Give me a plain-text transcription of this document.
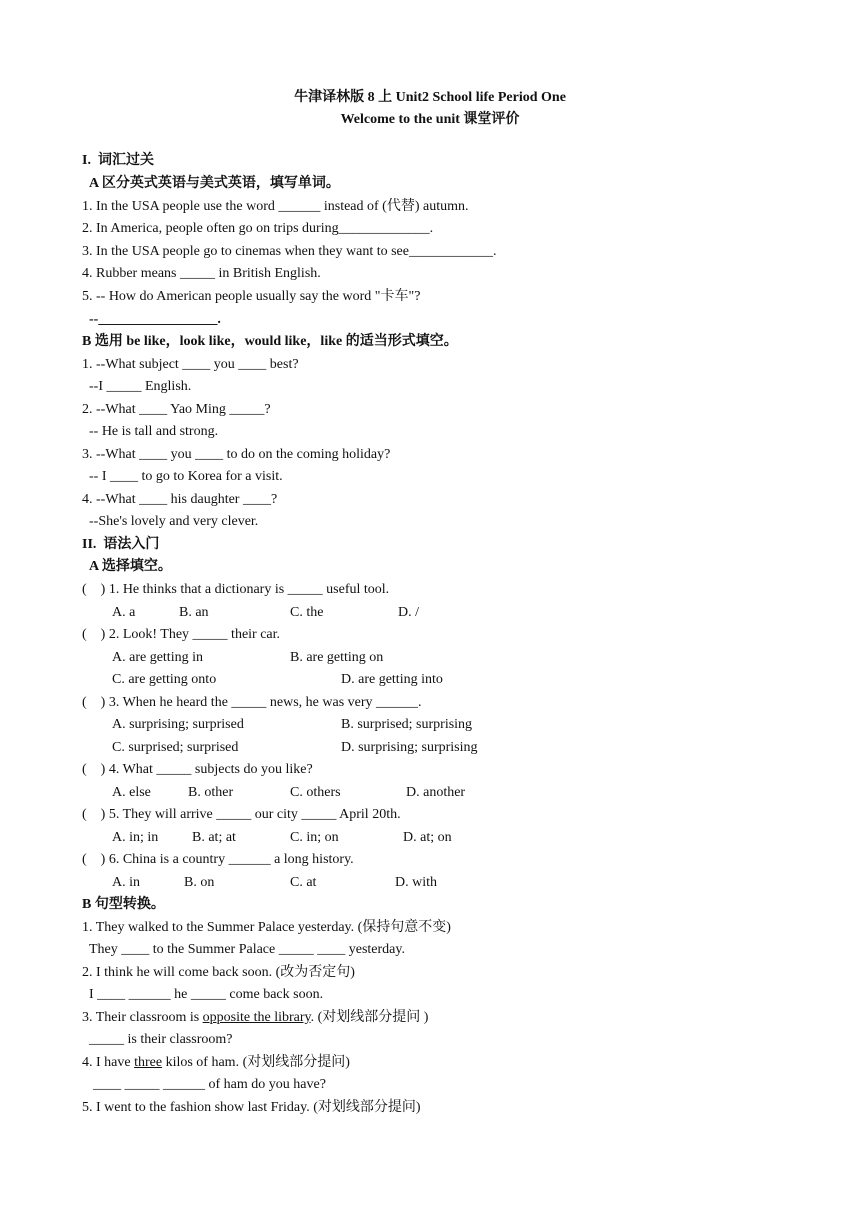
牛津译林版 8 上 Unit2 School life Period One
Welcome to the unit 课堂评价
I.  词汇过关
A 区分英式英语与美式英语，填写单词。
1. In the USA people use the word ______ instead of (代替) autumn.
2. In America, people often go on trips during_____________.
3. In the USA people go to cinemas when they want to see____________.
4. Rubber means _____ in British English.
5. -- How do American people usually say the word "卡车"?
--_________________.
B 选用 be like，look like，would like，like 的适当形式填空。
1. --What subject ____ you ____ best?
--I _____ English.
2. --What ____ Yao Ming _____?
-- He is tall and strong.
3. --What ____ you ____ to do on the coming holiday?
-- I ____ to go to Korea for a visit.
4. --What ____ his daughter ____?
--She's lovely and very clever.
II.  语法入门
A 选择填空。
(    ) 1. He thinks that a dictionary is _____ useful tool.
A. a	B. an	C. the	D. /
(    ) 2. Look! They _____ their car.
A. are getting in	B. are getting on
C. are getting onto	D. are getting into
(    ) 3. When he heard the _____ news, he was very ______.
A. surprising; surprised	B. surprised; surprising
C. surprised; surprised	D. surprising; surprising
(    ) 4. What _____ subjects do you like?
A. else	B. other	C. others	D. another
(    ) 5. They will arrive _____ our city _____ April 20th.
A. in; in B. at; at	C. in; on	D. at; on
(    ) 6. China is a country ______ a long history.
A. in	B. on	C. at	D. with
B 句型转换。
1. They walked to the Summer Palace yesterday. (保持句意不变)
They ____ to the Summer Palace _____ ____ yesterday.
2. I think he will come back soon. (改为否定句)
I ____ ______ he _____ come back soon.
3. Their classroom is opposite the library. (对划线部分提问 )
_____ is their classroom?
4. I have three kilos of ham. (对划线部分提问)
____ _____ ______ of ham do you have?
5. I went to the fashion show last Friday. (对划线部分提问)
